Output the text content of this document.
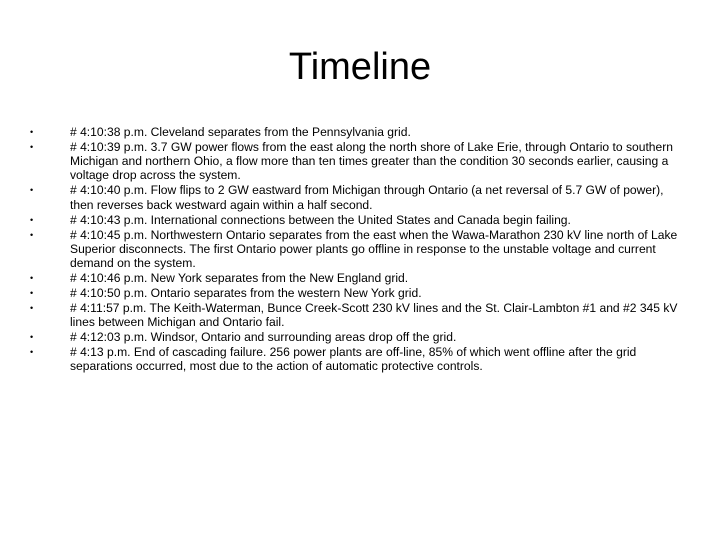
Timeline
•	# 4:10:38 p.m. Cleveland separates from the Pennsylvania grid.
•	# 4:10:39 p.m. 3.7 GW power flows from the east along the north shore of Lake Erie, through Ontario to southern Michigan and northern Ohio, a flow more than ten times greater than the condition 30 seconds earlier, causing a voltage drop across the system.
•	# 4:10:40 p.m. Flow flips to 2 GW eastward from Michigan through Ontario (a net reversal of 5.7 GW of power), then reverses back westward again within a half second.
•	# 4:10:43 p.m. International connections between the United States and Canada begin failing.
•	# 4:10:45 p.m. Northwestern Ontario separates from the east when the Wawa-Marathon 230 kV line north of Lake Superior disconnects. The first Ontario power plants go offline in response to the unstable voltage and current demand on the system.
•	# 4:10:46 p.m. New York separates from the New England grid.
•	# 4:10:50 p.m. Ontario separates from the western New York grid.
•	# 4:11:57 p.m. The Keith-Waterman, Bunce Creek-Scott 230 kV lines and the St. Clair-Lambton #1 and #2 345 kV lines between Michigan and Ontario fail.
•	# 4:12:03 p.m. Windsor, Ontario and surrounding areas drop off the grid.
•	# 4:13 p.m. End of cascading failure. 256 power plants are off-line, 85% of which went offline after the grid separations occurred, most due to the action of automatic protective controls.
